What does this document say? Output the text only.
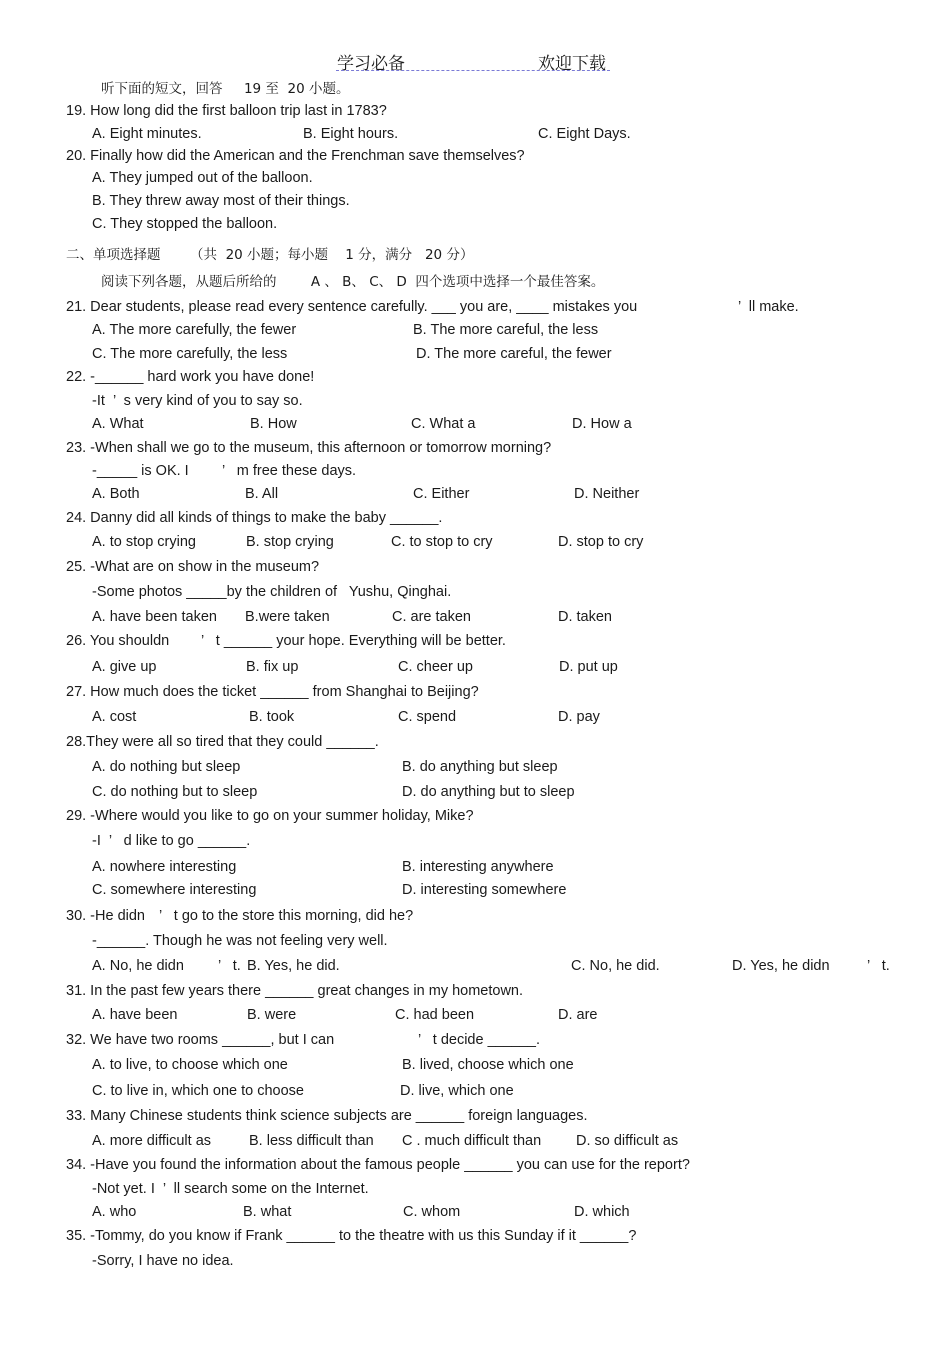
学习必备	欢迎下载
听下面的短文，回答     19 至  20 小题。
19. How long did the first balloon trip last in 1783?
A. Eight minutes.	B. Eight hours.	C. Eight Days.
20. Finally how did the American and the Frenchman save themselves?
A. They jumped out of the balloon.
B. They threw away most of their things.
C. They stopped the balloon.
二、单项选择题 （共  20 小题；每小题    1 分，满分   20 分）
阅读下列各题，从题后所给的        A 、 B、 C、 D  四个选项中选择一个最佳答案。
21. Dear students, please read every sentence carefully. ___ you are, ____ mistakes you	’  ll make.
A. The more carefully, the fewer	B. The more careful, the less
C. The more carefully, the less	D. The more careful, the fewer
22. -______ hard work you have done!
-It  ’  s very kind of you to say so.
A. What	B. How	C. What a	D. How a
23. -When shall we go to the museum, this afternoon or tomorrow morning?
-_____ is OK. I ’   m free these days.
A. Both	B. All	C. Either	D. Neither
24. Danny did all kinds of things to make the baby ______.
A. to stop crying	B. stop crying	C. to stop to cry	D. stop to cry
25. -What are on show in the museum?
-Some photos _____by the children of   Yushu, Qinghai.
A. have been taken B.were taken	C. are taken	D. taken
26. You shouldn ’   t ______ your hope. Everything will be better.
A. give up	B. fix up	C. cheer up	D. put up
27. How much does the ticket ______ from Shanghai to Beijing?
A. cost	B. took	C. spend	D. pay
28.They were all so tired that they could ______.
A. do nothing but sleep	B. do anything but sleep
C. do nothing but to sleep	D. do anything but to sleep
29. -Where would you like to go on your summer holiday, Mike?
-I  ’   d like to go ______.
A. nowhere interesting	B. interesting anywhere
C. somewhere interesting	D. interesting somewhere
30. -He didn ’   t go to the store this morning, did he?
-______. Though he was not feeling very well.
A. No, he didn ’   t. B. Yes, he did.	C. No, he did.	D. Yes, he didn	’   t.
31. In the past few years there ______ great changes in my hometown.
A. have been	B. were	C. had been	D. are
32. We have two rooms ______, but I can	’   t decide ______.
A. to live, to choose which one	B. lived, choose which one
C. to live in, which one to choose	D. live, which one
33. Many Chinese students think science subjects are ______ foreign languages.
A. more difficult as	B. less difficult than C . much difficult than D. so difficult as
34. -Have you found the information about the famous people ______ you can use for the report?
-Not yet. I  ’  ll search some on the Internet.
A. who	B. what	C. whom	D. which
35. -Tommy, do you know if Frank ______ to the theatre with us this Sunday if it ______?
-Sorry, I have no idea.
